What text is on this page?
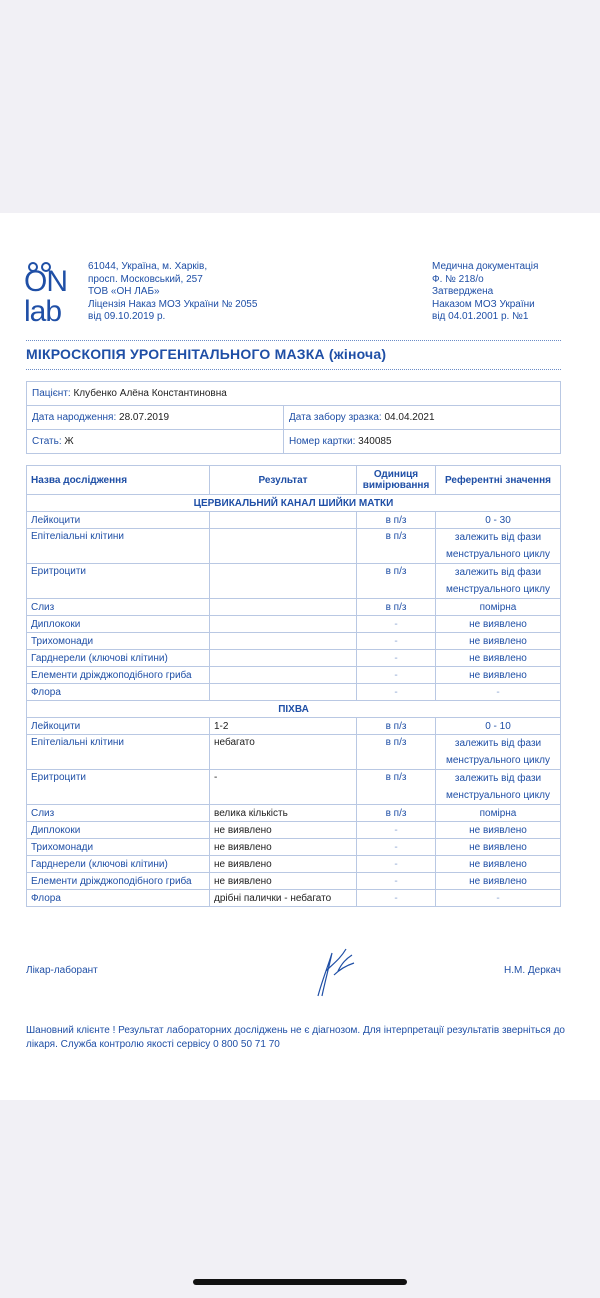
ON
lab
61044, Україна, м. Харків,
просп. Московський, 257
ТОВ «ОН ЛАБ»
Ліцензія Наказ МОЗ України № 2055
від 09.10.2019 р.
Медична документація
Ф. № 218/о
Затверджена
Наказом МОЗ України
від 04.01.2001 р. №1
МІКРОСКОПІЯ УРОГЕНІТАЛЬНОГО МАЗКА (жіноча)
Пацієнт: Клубенко Алёна Константиновна	
Дата народження: 28.07.2019	Дата забору зразка: 04.04.2021
Стать: Ж	Номер картки: 340085
Назва дослідження	Результат	Одиниця вимірювання	Референтні значення
ЦЕРВИКАЛЬНИЙ КАНАЛ ШИЙКИ МАТКИ			
Лейкоцити		в п/з	0 - 30
Епітеліальні клітини		в п/з	залежить від фази менструального циклу
Еритроцити		в п/з	залежить від фази менструального циклу
Слиз		в п/з	помірна
Диплококи		-	не виявлено
Трихомонади		-	не виявлено
Гарднерели (ключові клітини)		-	не виявлено
Елементи дріжджоподібного гриба		-	не виявлено
Флора		-	-
ПІХВА			
Лейкоцити	1-2	в п/з	0 - 10
Епітеліальні клітини	небагато	в п/з	залежить від фази менструального циклу
Еритроцити	-	в п/з	залежить від фази менструального циклу
Слиз	велика кількість	в п/з	помірна
Диплококи	не виявлено	-	не виявлено
Трихомонади	не виявлено	-	не виявлено
Гарднерели (ключові клітини)	не виявлено	-	не виявлено
Елементи дріжджоподібного гриба	не виявлено	-	не виявлено
Флора	дрібні палички - небагато	-	-
Лікар-лаборант	Н.М. Деркач
Шановний клієнте ! Результат лабораторних досліджень не є діагнозом. Для інтерпретації результатів зверніться до лікаря. Служба контролю якості сервісу 0 800 50 71 70
